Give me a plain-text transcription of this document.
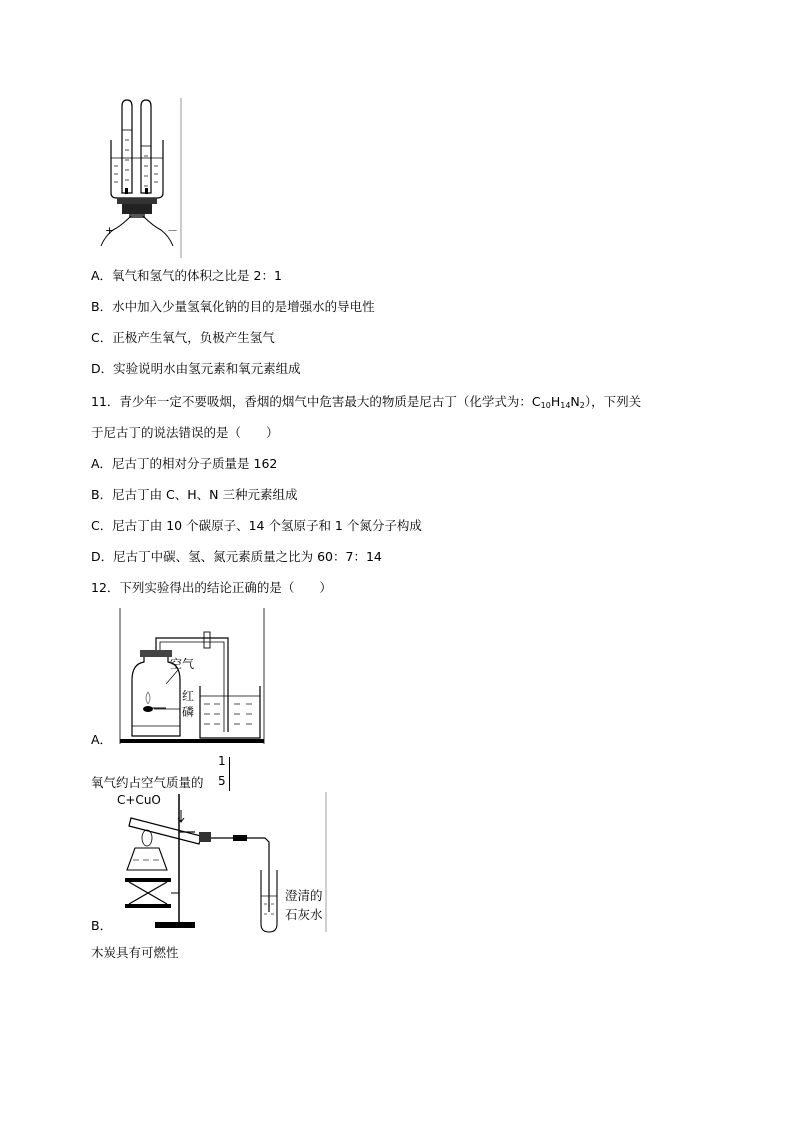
+	－
A．氧气和氢气的体积之比是 2：1
B．水中加入少量氢氧化钠的目的是增强水的导电性
C．正极产生氧气，负极产生氢气
D．实验说明水由氢元素和氧元素组成
11．青少年一定不要吸烟，香烟的烟气中危害最大的物质是尼古丁（化学式为：$C_{10}H_{14}N_2$），下列关
于尼古丁的说法错误的是（　　）
A．尼古丁的相对分子质量是 162
B．尼古丁由 C、H、N 三种元素组成
C．尼古丁由 10 个碳原子、14 个氢原子和 1 个氮分子构成
D．尼古丁中碳、氢、氮元素质量之比为 60：7：14
12．下列实验得出的结论正确的是（　　）
A．
空气
红
磷
氧气约占空气质量的
1
5
C+CuO
澄清的
石灰水
B．
木炭具有可燃性
